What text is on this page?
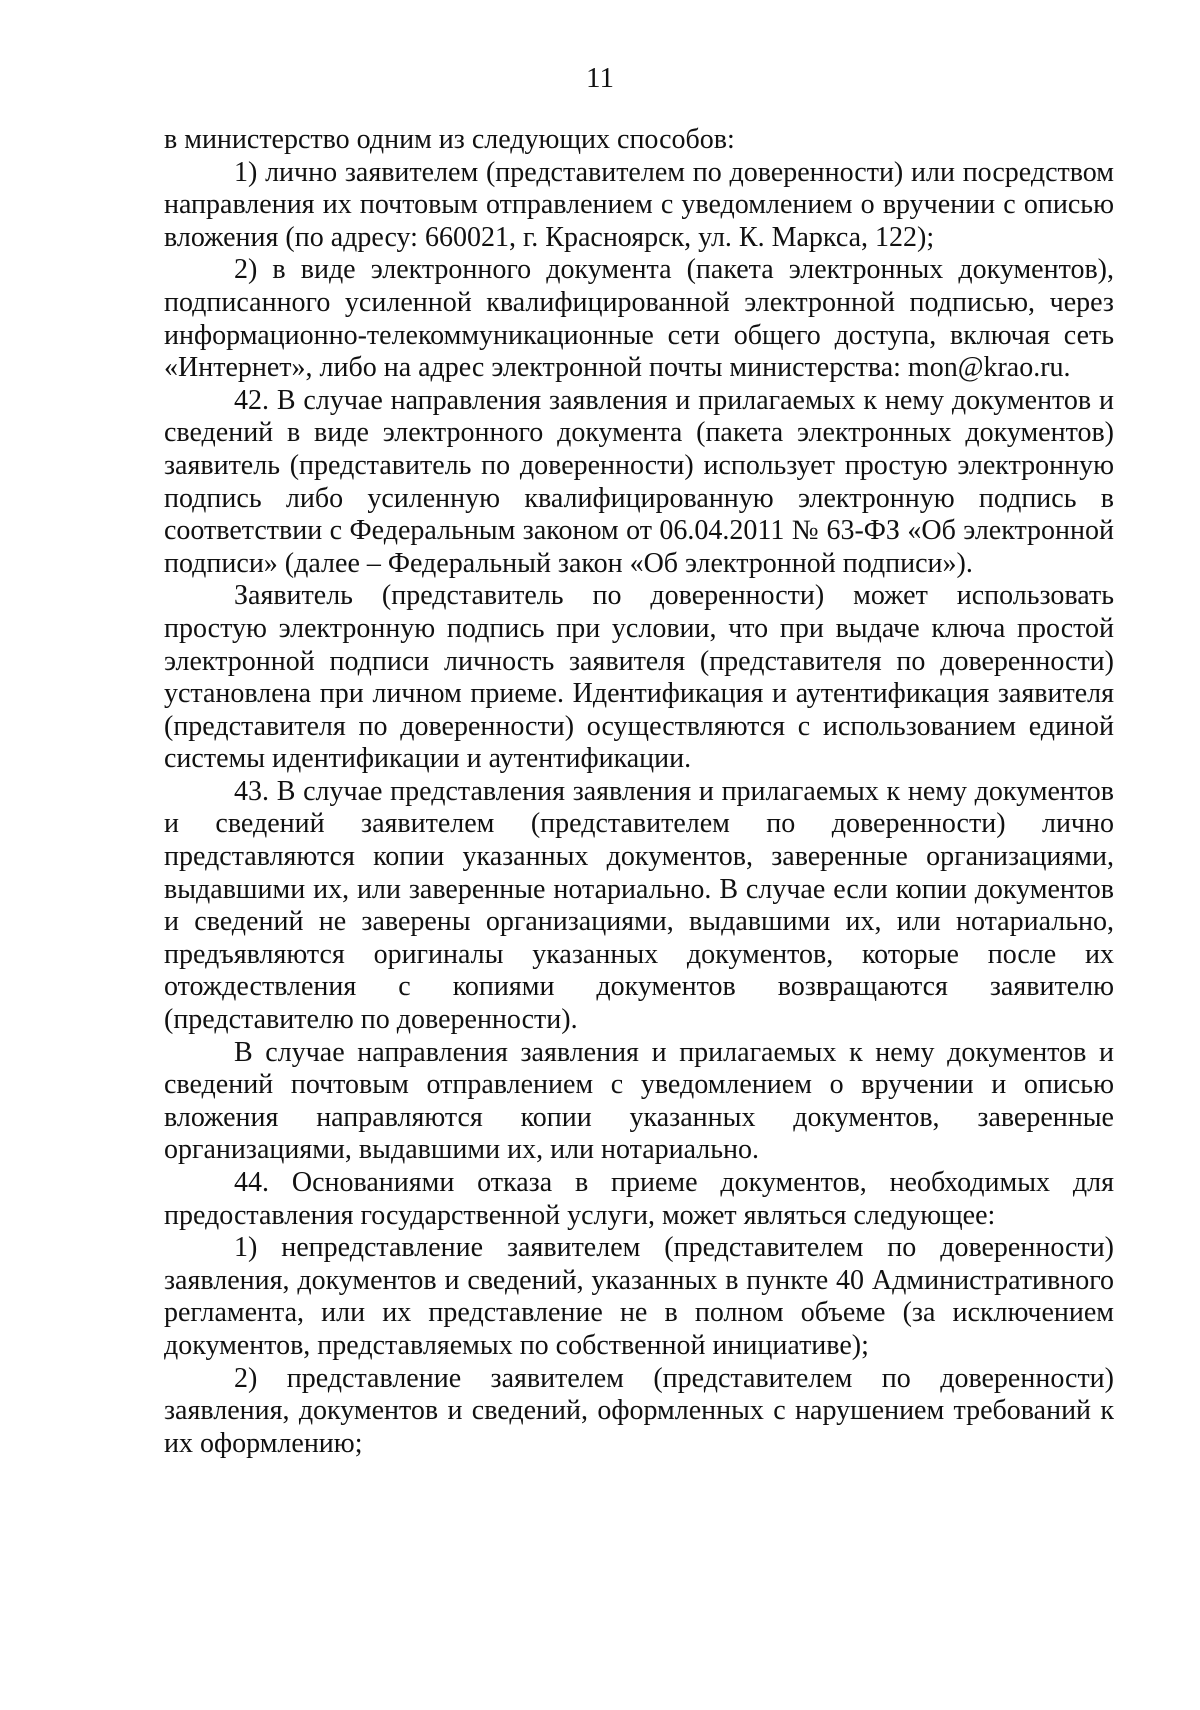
11

в министерство одним из следующих способов:

1) лично заявителем (представителем по доверенности) или посредством направления их почтовым отправлением с уведомлением о вручении с описью вложения (по адресу: 660021, г. Красноярск, ул. К. Маркса, 122);

2) в виде электронного документа (пакета электронных документов), подписанного усиленной квалифицированной электронной подписью, через информационно-телекоммуникационные сети общего доступа, включая сеть «Интернет», либо на адрес электронной почты министерства: mon@krao.ru.

42. В случае направления заявления и прилагаемых к нему документов и сведений в виде электронного документа (пакета электронных документов) заявитель (представитель по доверенности) использует простую электронную подпись либо усиленную квалифицированную электронную подпись в соответствии с Федеральным законом от 06.04.2011 № 63-ФЗ «Об электронной подписи» (далее – Федеральный закон «Об электронной подписи»).

Заявитель (представитель по доверенности) может использовать простую электронную подпись при условии, что при выдаче ключа простой электронной подписи личность заявителя (представителя по доверенности) установлена при личном приеме. Идентификация и аутентификация заявителя (представителя по доверенности) осуществляются с использованием единой системы идентификации и аутентификации.

43. В случае представления заявления и прилагаемых к нему документов и сведений заявителем (представителем по доверенности) лично представляются копии указанных документов, заверенные организациями, выдавшими их, или заверенные нотариально. В случае если копии документов и сведений не заверены организациями, выдавшими их, или нотариально, предъявляются оригиналы указанных документов, которые после их отождествления с копиями документов возвращаются заявителю (представителю по доверенности).

В случае направления заявления и прилагаемых к нему документов и сведений почтовым отправлением с уведомлением о вручении и описью вложения направляются копии указанных документов, заверенные организациями, выдавшими их, или нотариально.

44. Основаниями отказа в приеме документов, необходимых для предоставления государственной услуги, может являться следующее:

1) непредставление заявителем (представителем по доверенности) заявления, документов и сведений, указанных в пункте 40 Административного регламента, или их представление не в полном объеме (за исключением документов, представляемых по собственной инициативе);

2) представление заявителем (представителем по доверенности) заявления, документов и сведений, оформленных с нарушением требований к их оформлению;
